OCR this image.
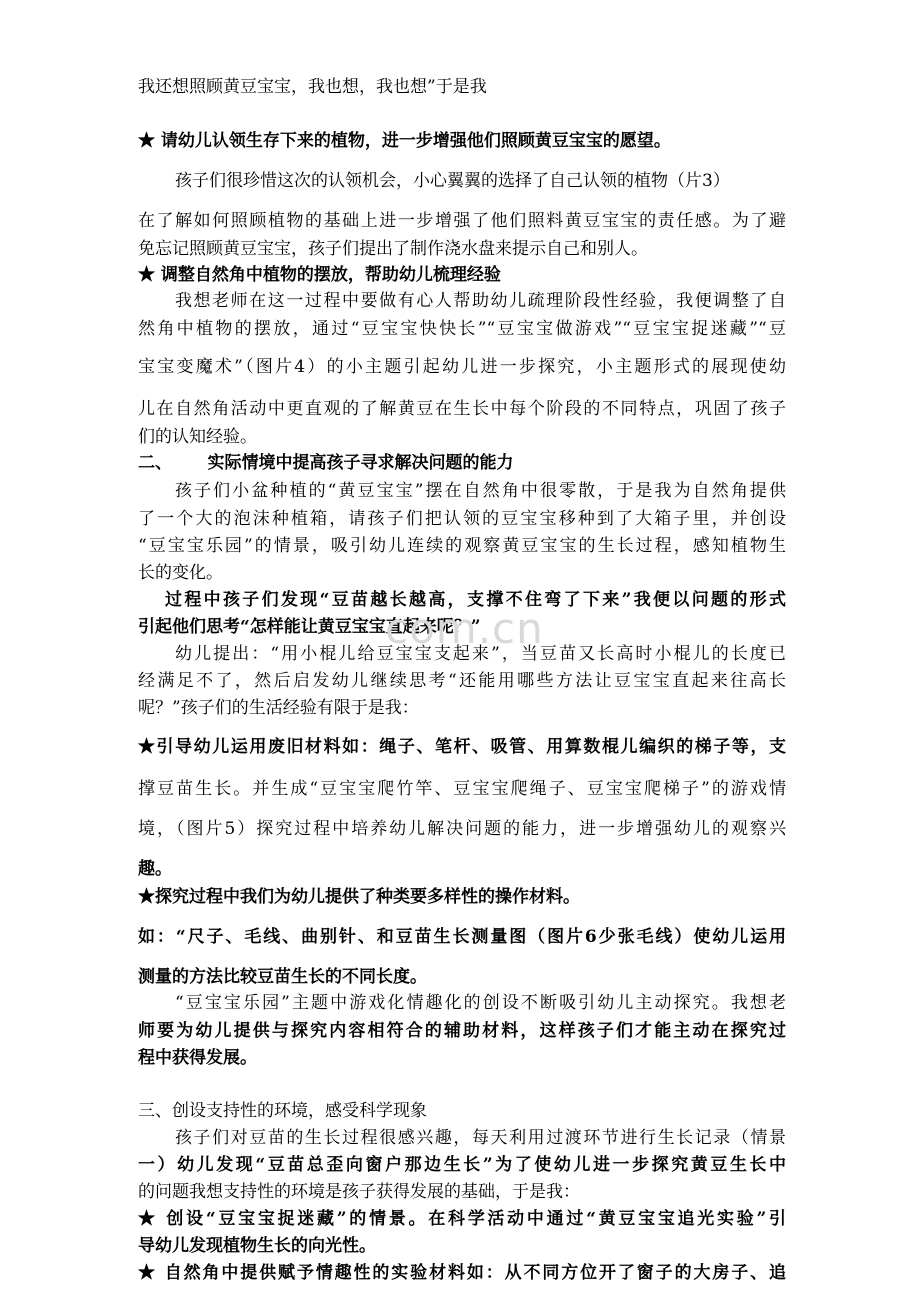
我还想照顾黄豆宝宝，我也想，我也想”于是我
★ 请幼儿认领生存下来的植物，进一步增强他们照顾黄豆宝宝的愿望。
孩子们很珍惜这次的认领机会，小心翼翼的选择了自己认领的植物（片3）
在了解如何照顾植物的基础上进一步增强了他们照料黄豆宝宝的责任感。为了避
免忘记照顾黄豆宝宝，孩子们提出了制作浇水盘来提示自己和别人。
★ 调整自然角中植物的摆放，帮助幼儿梳理经验
我想老师在这一过程中要做有心人帮助幼儿疏理阶段性经验，我便调整了自
然角中植物的摆放，通过“豆宝宝快快长”“豆宝宝做游戏”“豆宝宝捉迷藏”“豆
宝宝变魔术”（图片4）的小主题引起幼儿进一步探究，小主题形式的展现使幼
儿在自然角活动中更直观的了解黄豆在生长中每个阶段的不同特点，巩固了孩子
们的认知经验。
二、      实际情境中提高孩子寻求解决问题的能力
孩子们小盆种植的“黄豆宝宝”摆在自然角中很零散，于是我为自然角提供
了一个大的泡沫种植箱，请孩子们把认领的豆宝宝移种到了大箱子里，并创设
“豆宝宝乐园”的情景，吸引幼儿连续的观察黄豆宝宝的生长过程，感知植物生
长的变化。
过程中孩子们发现“豆苗越长越高，支撑不住弯了下来”我便以问题的形式
引起他们思考“怎样能让黄豆宝宝直起来呢？”
幼儿提出：“用小棍儿给豆宝宝支起来”，当豆苗又长高时小棍儿的长度已
经满足不了，然后启发幼儿继续思考“还能用哪些方法让豆宝宝直起来往高长
呢？”孩子们的生活经验有限于是我：
★引导幼儿运用废旧材料如：绳子、笔杆、吸管、用算数棍儿编织的梯子等，支
撑豆苗生长。并生成“豆宝宝爬竹竿、豆宝宝爬绳子、豆宝宝爬梯子”的游戏情
境，（图片5）探究过程中培养幼儿解决问题的能力，进一步增强幼儿的观察兴
趣。
★探究过程中我们为幼儿提供了种类要多样性的操作材料。
如：“尺子、毛线、曲别针、和豆苗生长测量图（图片6少张毛线）使幼儿运用
测量的方法比较豆苗生长的不同长度。
“豆宝宝乐园”主题中游戏化情趣化的创设不断吸引幼儿主动探究。我想老
师要为幼儿提供与探究内容相符合的辅助材料，这样孩子们才能主动在探究过
程中获得发展。
三、创设支持性的环境，感受科学现象
孩子们对豆苗的生长过程很感兴趣，每天利用过渡环节进行生长记录（情景
一）幼儿发现“豆苗总歪向窗户那边生长”为了使幼儿进一步探究黄豆生长中
的问题我想支持性的环境是孩子获得发展的基础，于是我：
★ 创设“豆宝宝捉迷藏”的情景。在科学活动中通过“黄豆宝宝追光实验”引
导幼儿发现植物生长的向光性。
★ 自然角中提供赋予情趣性的实验材料如：从不同方位开了窗子的大房子、追
com.cn
